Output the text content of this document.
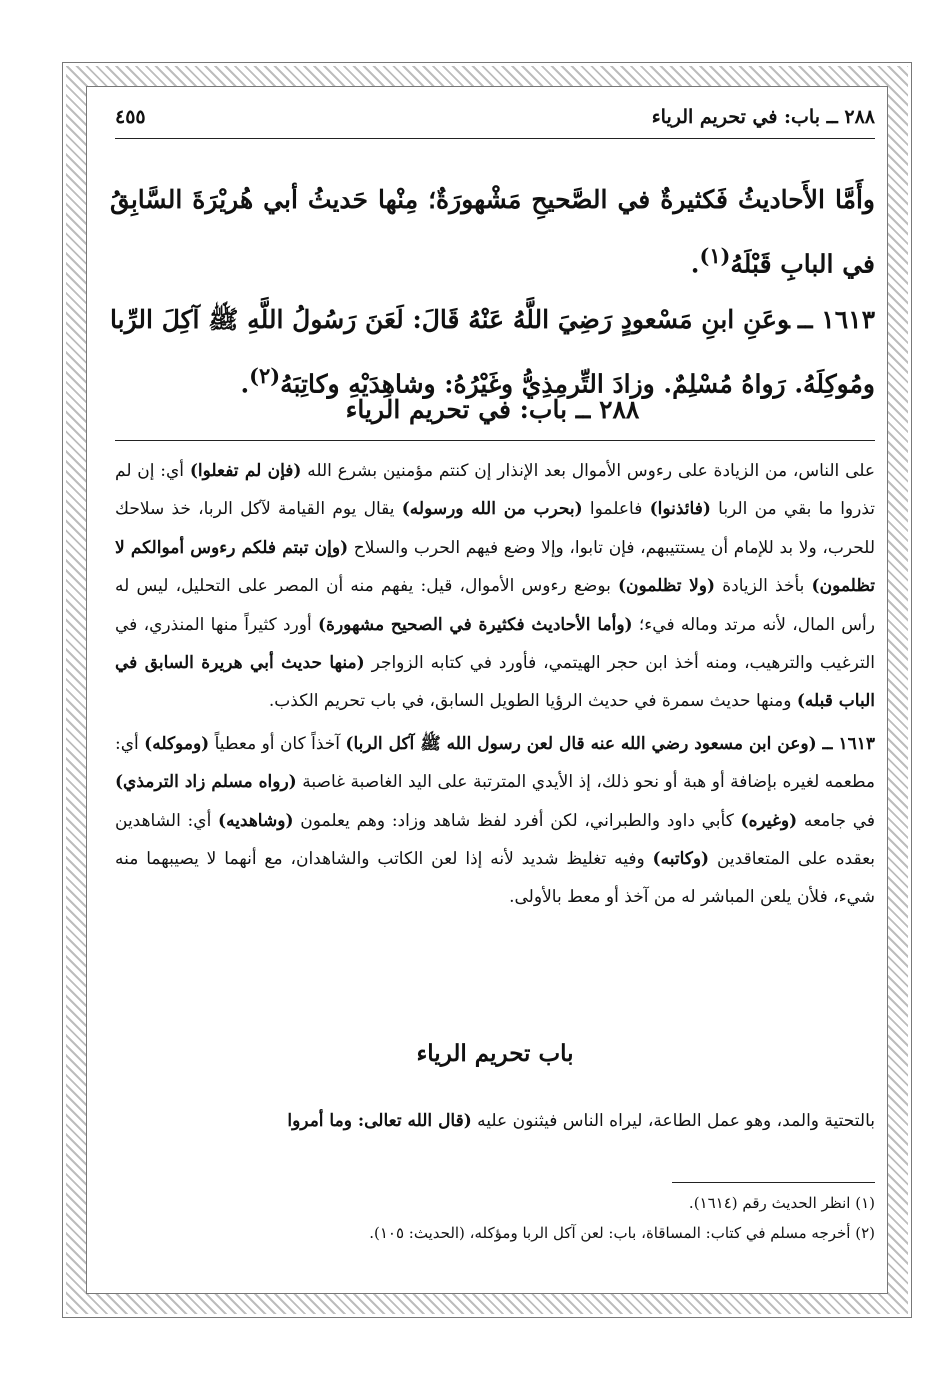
٢٨٨ ــ باب: في تحريم الرياء
٤٥٥

وأَمَّا الأَحاديثُ فَكثيرةٌ في الصَّحيحِ مَشْهورَةٌ؛ مِنْها حَديثُ أبي هُريْرَةَ السَّابِقُ في البابِ قَبْلَهُ$^{(١)}$.

١٦١٣ ــوعَنِ ابنِ مَسْعودٍ رَضِيَ اللَّهُ عَنْهُ قَالَ: لَعَنَ رَسُولُ اللَّهِ ﷺ آكِلَ الرِّبا ومُوكِلَهُ. رَواهُ مُسْلِمٌ. وزادَ التِّرمِذِيُّ وغَيْرُهُ: وشاهِدَيْهِ وكاتِبَهُ$^{(٢)}$.

٢٨٨ ــ باب: في تحريم الرياء

على الناس، من الزيادة على رءوس الأموال بعد الإنذار إن كنتم مؤمنين بشرع الله (فإن لم تفعلوا) أي: إن لم تذروا ما بقي من الربا (فائذنوا) فاعلموا (بحرب من الله ورسوله) يقال يوم القيامة لآكل الربا، خذ سلاحك للحرب، ولا بد للإمام أن يستتيبهم، فإن تابوا، وإلا وضع فيهم الحرب والسلاح (وإن تبتم فلكم رءوس أموالكم لا تظلمون) بأخذ الزيادة (ولا تظلمون) بوضع رءوس الأموال، قيل: يفهم منه أن المصر على التحليل، ليس له رأس المال، لأنه مرتد وماله فيء؛ (وأما الأحاديث فكثيرة في الصحيح مشهورة) أورد كثيراً منها المنذري، في الترغيب والترهيب، ومنه أخذ ابن حجر الهيتمي، فأورد في كتابه الزواجر (منها حديث أبي هريرة السابق في الباب قبله) ومنها حديث سمرة في حديث الرؤيا الطويل السابق، في باب تحريم الكذب.

١٦١٣ ــ (وعن ابن مسعود رضي الله عنه قال لعن رسول الله ﷺ آكل الربا) آخذاً كان أو معطياً (وموكله) أي: مطعمه لغيره بإضافة أو هبة أو نحو ذلك، إذ الأيدي المترتبة على اليد الغاصبة غاصبة (رواه مسلم زاد الترمذي) في جامعه (وغيره) كأبي داود والطبراني، لكن أفرد لفظ شاهد وزاد: وهم يعلمون (وشاهديه) أي: الشاهدين بعقده على المتعاقدين (وكاتبه) وفيه تغليظ شديد لأنه إذا لعن الكاتب والشاهدان، مع أنهما لا يصيبهما منه شيء، فلأن يلعن المباشر له من آخذ أو معط بالأولى.

باب تحريم الرياء
بالتحتية والمد، وهو عمل الطاعة، ليراه الناس فيثنون عليه (قال الله تعالى: وما أمروا

(١) انظر الحديث رقم (١٦١٤).

(٢) أخرجه مسلم في كتاب: المساقاة، باب: لعن آكل الربا ومؤكله، (الحديث: ١٠٥).
